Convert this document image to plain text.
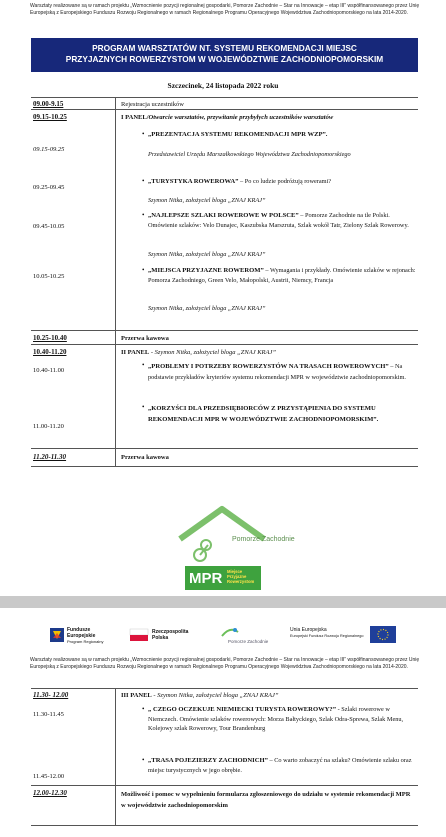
Warsztaty realizowane są w ramach projektu „Wzmocnienie pozycji regionalnej gospodarki, Pomorze Zachodnie – Star na Innowacje – etap III” współfinansowanego przez Unię Europejską z Europejskiego Funduszu Rozwoju Regionalnego w ramach Regionalnego Programu Operacyjnego Województwa Zachodniopomorskiego na lata 2014-2020.
PROGRAM WARSZTATÓW NT. SYSTEMU REKOMENDACJI MIEJSC
PRZYJAZNYCH ROWERZYSTOM W WOJEWÓDZTWIE ZACHODNIOPOMORSKIM
Szczecinek, 24 listopada 2022 roku
09.00-9.15	Rejestracja uczestników
09.15-10.25	I PANEL/Otwarcie warsztatów, przywitanie przybyłych uczestników warsztatów
09.15-09.25
• „PREZENTACJA SYSTEMU REKOMENDACJI MPR WZP”.
Przedstawiciel Urzędu Marszałkowskiego Województwa Zachodniopomorskiego
09.25-09.45
• „TURYSTYKA ROWEROWA” – Po co ludzie podróżują rowerami?
Szymon Nitka, założyciel bloga „ZNAJ KRAJ”
09.45-10.05
• „NAJLEPSZE SZLAKI ROWEROWE W POLSCE” – Pomorze Zachodnie na tle Polski. Omówienie szlaków: Velo Dunajec, Kaszubska Marszruta, Szlak wokół Tatr, Zielony Szlak Rowerowy.
Szymon Nitka, założyciel bloga „ZNAJ KRAJ”
10.05-10.25
• „MIEJSCA PRZYJAZNE ROWEROM” – Wymagania i przykłady. Omówienie szlaków w rejonach: Pomorza Zachodniego, Green Velo, Małopolski, Austrii, Niemcy, Francja
Szymon Nitka, założyciel bloga „ZNAJ KRAJ”
10.25-10.40	Przerwa kawowa
10.40-11.20	II PANEL - Szymon Nitka, założyciel bloga „ZNAJ KRAJ”
10.40-11.00
• „PROBLEMY I POTRZEBY ROWERZYSTÓW NA TRASACH ROWEROWYCH” – Na podstawie przykładów kryteriów systemu rekomendacji MPR w województwie zachodniopomorskim.
11.00-11.20
• „KORZYŚCI DLA PRZEDSIĘBIORCÓW Z PRZYSTĄPIENIA DO SYSTEMU REKOMENDACJI MPR W WOJEWÓDZTWIE ZACHODNIOPOMORSKIM”.
11.20-11.30	Przerwa kawowa
Pomorze Zachodnie
MPR Miejsce Przyjazne Rowerzystom
Fundusze Europejskie
Program Regionalny
Rzeczpospolita Polska
Pomorze Zachodnie
Unia Europejska
Europejski Fundusz Rozwoju Regionalnego
Warsztaty realizowane są w ramach projektu „Wzmocnienie pozycji regionalnej gospodarki, Pomorze Zachodnie – Star na Innowacje – etap III” współfinansowanego przez Unię Europejską z Europejskiego Funduszu Rozwoju Regionalnego w ramach Regionalnego Programu Operacyjnego Województwa Zachodniopomorskiego na lata 2014-2020.
11.30- 12.00	III PANEL - Szymon Nitka, założyciel bloga „ZNAJ KRAJ”
11.30-11.45
• „ CZEGO OCZEKUJE NIEMIECKI TURYSTA ROWEROWY?” - Szlaki rowerowe w Niemczech. Omówienie szlaków rowerowych: Morza Bałtyckiego, Szlak Odra-Sprewa, Szlak Menu, Kolejowy szlak Rowerowy, Tour Brandenburg
11.45-12.00
• „TRASA POJEZIERZY ZACHODNICH” – Co warto zobaczyć na szlaku? Omówienie szlaku oraz miejsc turystycznych w jego obrębie.
12.00-12.30	Możliwość i pomoc w wypełnieniu formularza zgłoszeniowego do udziału w systemie rekomendacji MPR w województwie zachodniopomorskim
